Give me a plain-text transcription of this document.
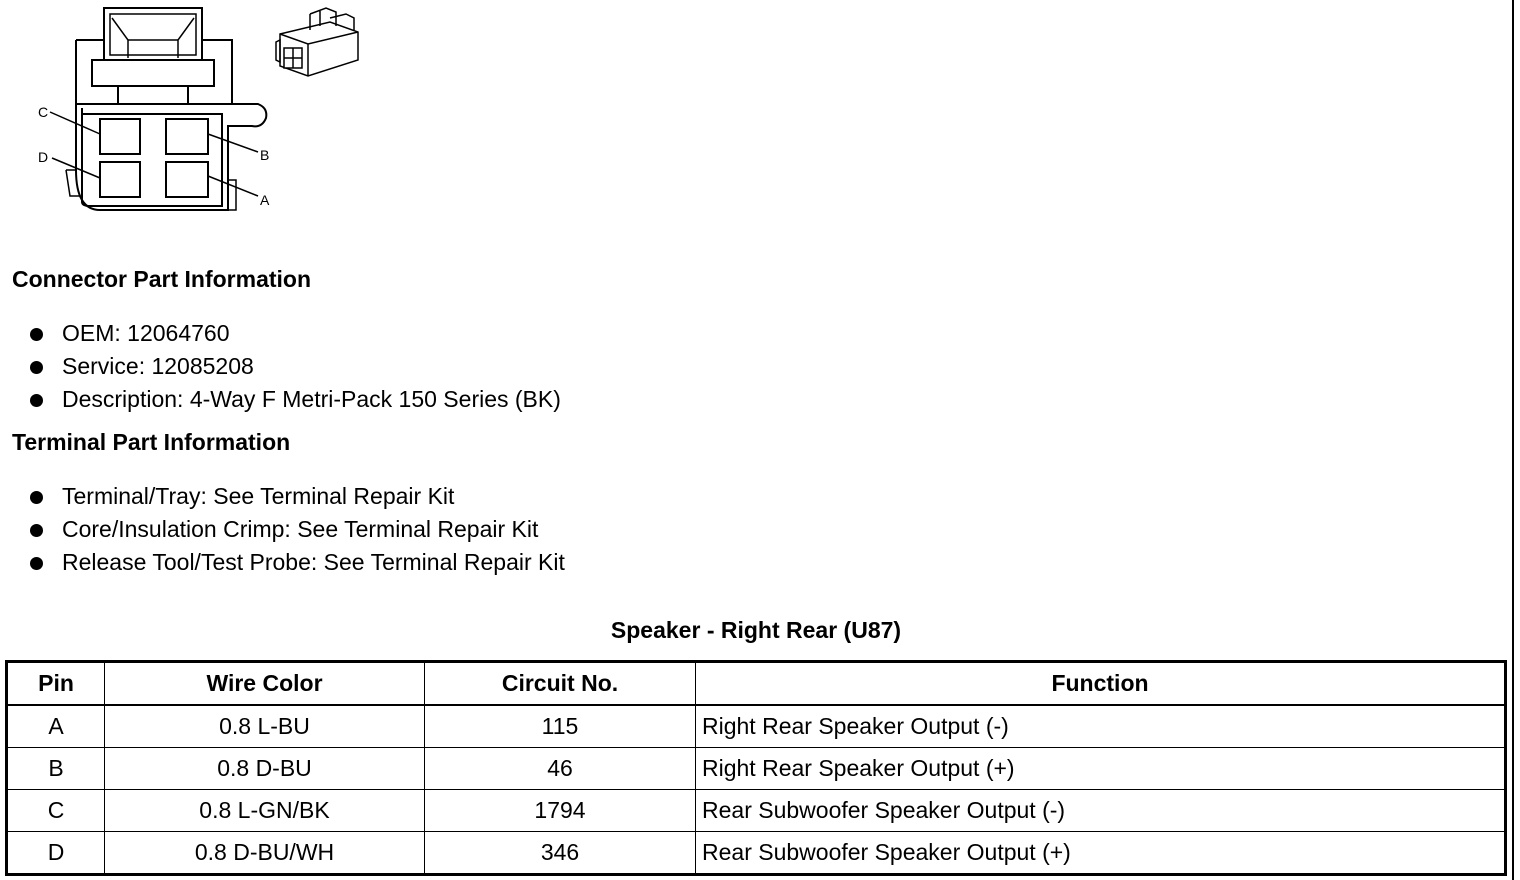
C
B
D
A
Connector Part Information
OEM: 12064760
Service: 12085208
Description: 4-Way F Metri-Pack 150 Series (BK)
Terminal Part Information
Terminal/Tray: See Terminal Repair Kit
Core/Insulation Crimp: See Terminal Repair Kit
Release Tool/Test Probe: See Terminal Repair Kit
Speaker - Right Rear (U87)
Pin	Wire Color	Circuit No.	Function
A	0.8 L-BU	115	Right Rear Speaker Output (-)
B	0.8 D-BU	46	Right Rear Speaker Output (+)
C	0.8 L-GN/BK	1794	Rear Subwoofer Speaker Output (-)
D	0.8 D-BU/WH	346	Rear Subwoofer Speaker Output (+)
